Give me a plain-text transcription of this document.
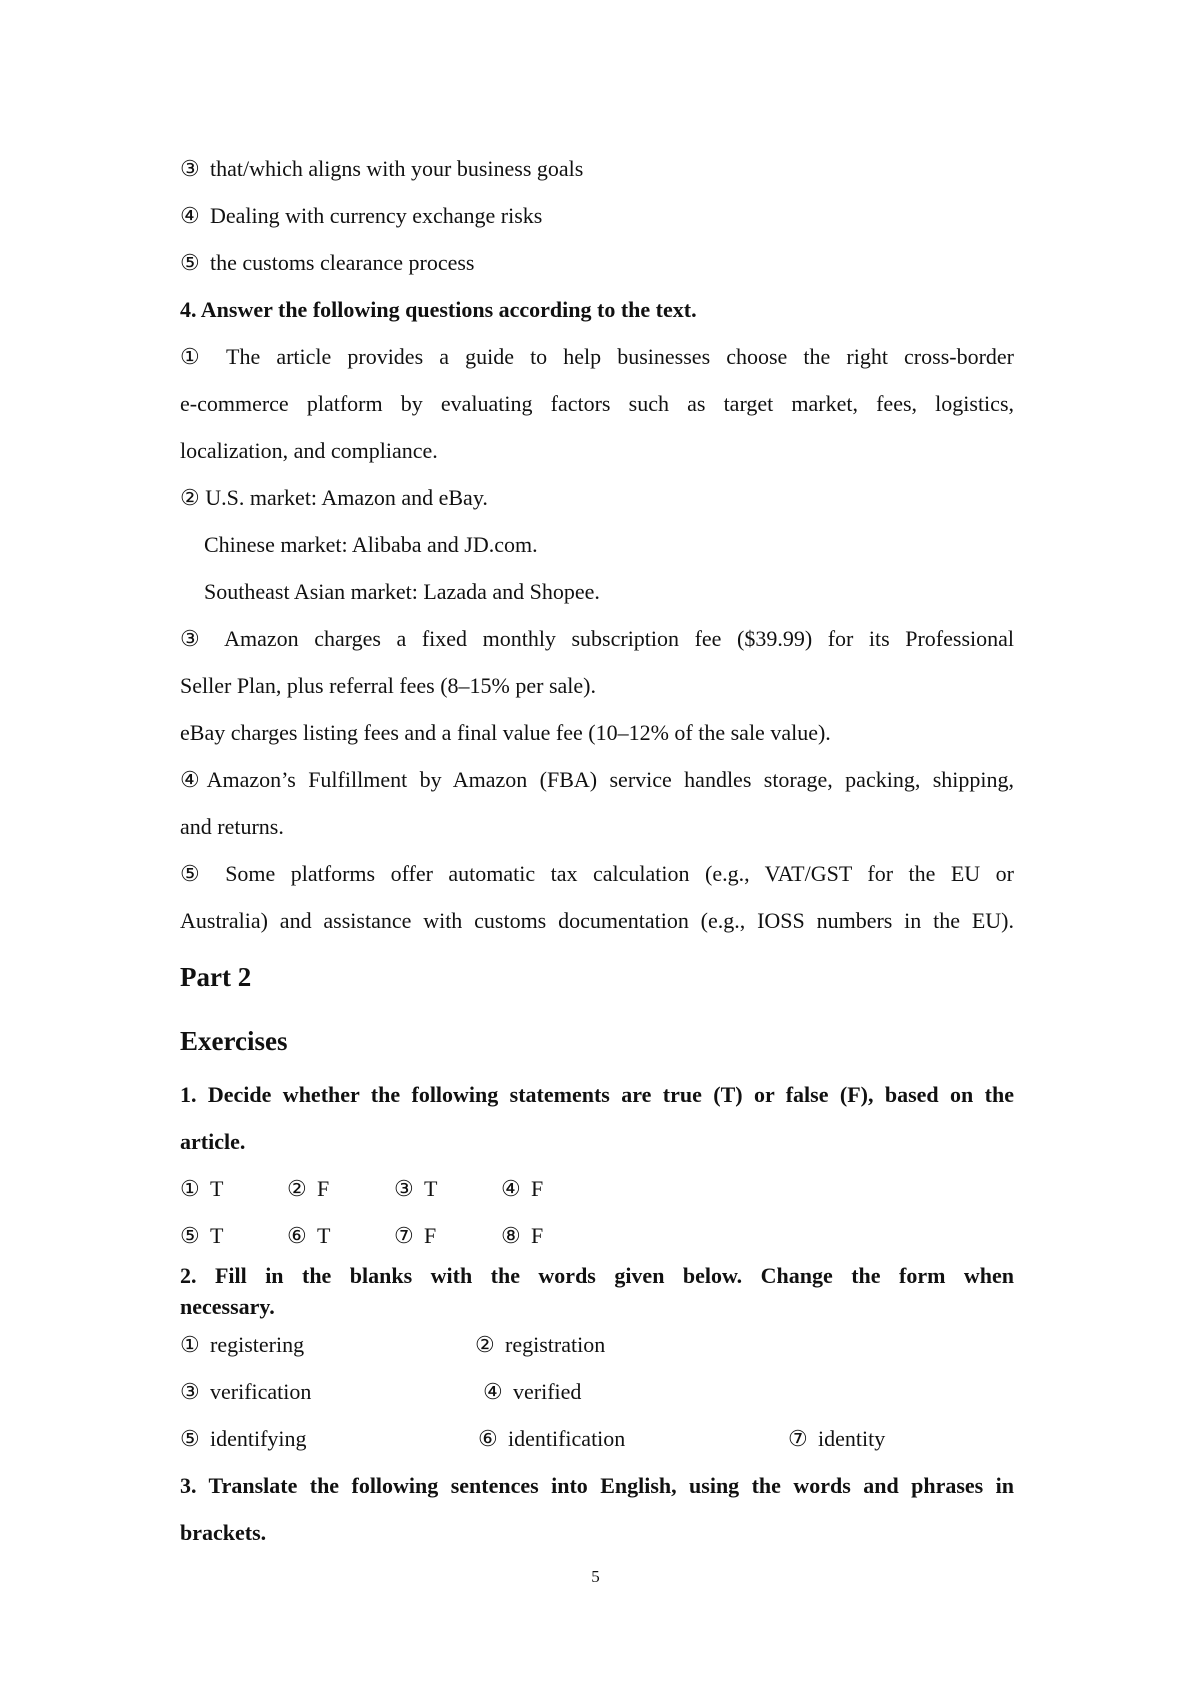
③ that/which aligns with your business goals
④ Dealing with currency exchange risks
⑤ the customs clearance process
4. Answer the following questions according to the text.
① The article provides a guide to help businesses choose the right cross-border
e-commerce platform by evaluating factors such as target market, fees, logistics,
localization, and compliance.
② U.S. market: Amazon and eBay.
Chinese market: Alibaba and JD.com.
Southeast Asian market: Lazada and Shopee.
③ Amazon charges a fixed monthly subscription fee ($39.99) for its Professional
Seller Plan, plus referral fees (8–15% per sale).
eBay charges listing fees and a final value fee (10–12% of the sale value).
④Amazon’s Fulfillment by Amazon (FBA) service handles storage, packing, shipping,
and returns.
⑤ Some platforms offer automatic tax calculation (e.g., VAT/GST for the EU or
Australia) and assistance with customs documentation (e.g., IOSS numbers in the EU).
Part 2
Exercises
1. Decide whether the following statements are true (T) or false (F), based on the
article.
① T	② F	③ T	④ F
⑤ T	⑥ T	⑦ F	⑧ F
2. Fill in the blanks with the words given below. Change the form when
necessary.
① registering	② registration
③ verification	④ verified
⑤ identifying	⑥ identification	⑦ identity
3. Translate the following sentences into English, using the words and phrases in
brackets.
5
